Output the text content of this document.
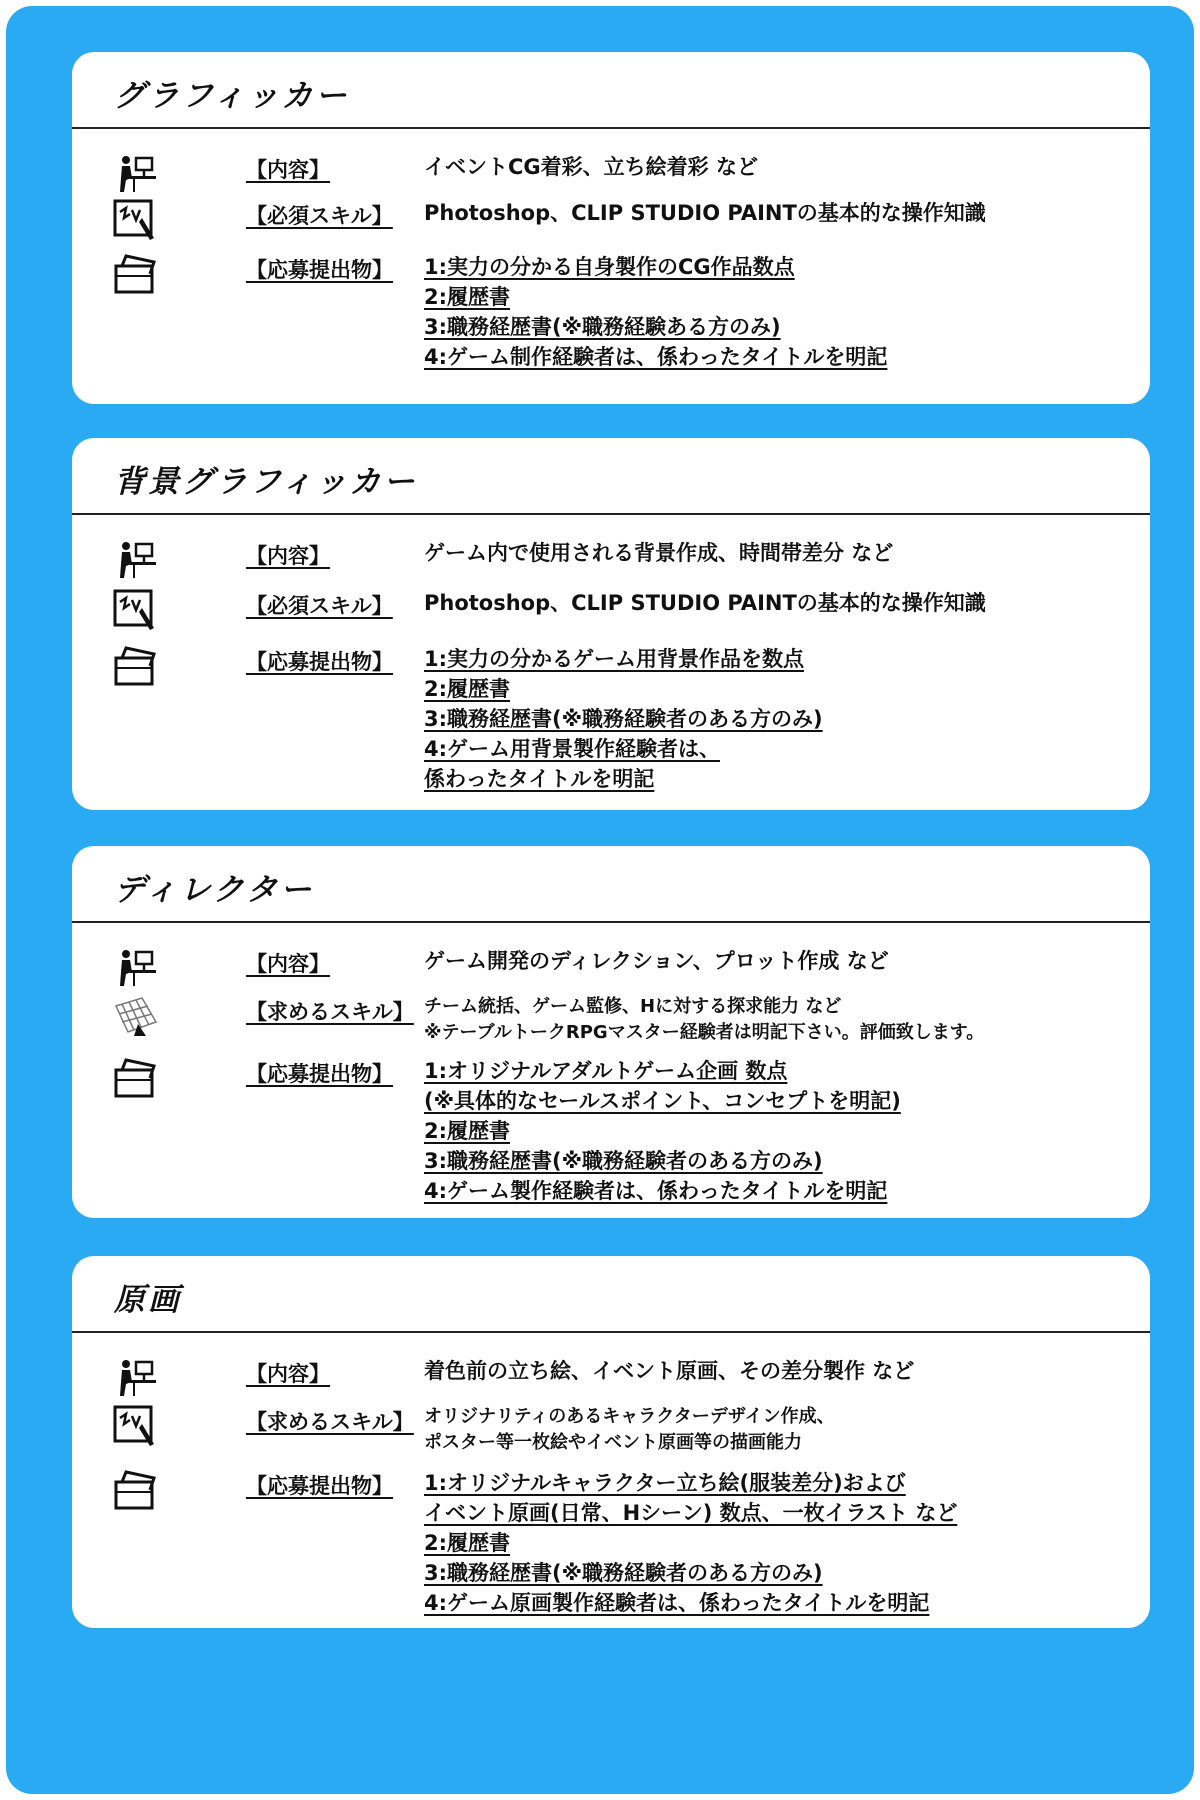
グラフィッカー
【内容】	イベントCG着彩、立ち絵着彩 など
【必須スキル】 Photoshop、CLIP STUDIO PAINTの基本的な操作知識
【応募提出物】 1:実力の分かる自身製作のCG作品数点
2:履歴書
3:職務経歴書(※職務経験ある方のみ)
4:ゲーム制作経験者は、係わったタイトルを明記
背景グラフィッカー
【内容】	ゲーム内で使用される背景作成、時間帯差分 など
【必須スキル】 Photoshop、CLIP STUDIO PAINTの基本的な操作知識
【応募提出物】 1:実力の分かるゲーム用背景作品を数点
2:履歴書
3:職務経歴書(※職務経験者のある方のみ)
4:ゲーム用背景製作経験者は、
係わったタイトルを明記
ディレクター
【内容】	ゲーム開発のディレクション、プロット作成 など
【求めるスキル】 チーム統括、ゲーム監修、Hに対する探求能力 など
※テーブルトークRPGマスター経験者は明記下さい。評価致します。
【応募提出物】 1:オリジナルアダルトゲーム企画 数点
(※具体的なセールスポイント、コンセプトを明記)
2:履歴書
3:職務経歴書(※職務経験者のある方のみ)
4:ゲーム製作経験者は、係わったタイトルを明記
原画
【内容】	着色前の立ち絵、イベント原画、その差分製作 など
【求めるスキル】 オリジナリティのあるキャラクターデザイン作成、
ポスター等一枚絵やイベント原画等の描画能力
【応募提出物】 1:オリジナルキャラクター立ち絵(服装差分)および
イベント原画(日常、Hシーン) 数点、一枚イラスト など
2:履歴書
3:職務経歴書(※職務経験者のある方のみ)
4:ゲーム原画製作経験者は、係わったタイトルを明記
